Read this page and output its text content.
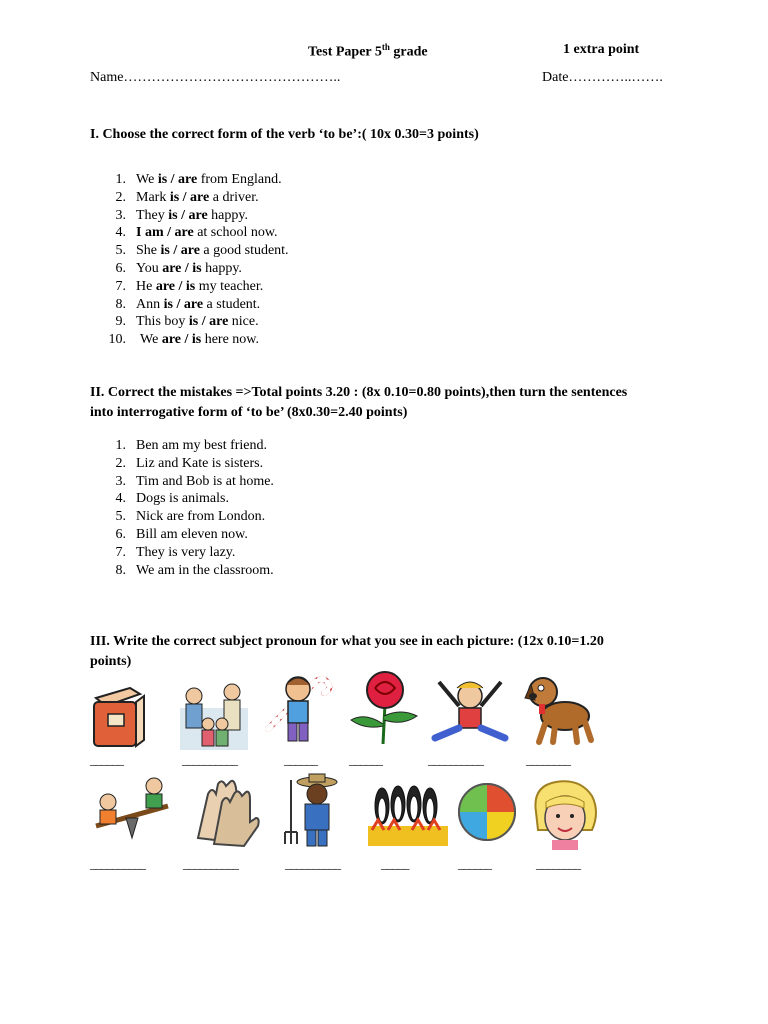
Test Paper 5th grade	1 extra point
Name………………………………………..	Date…………..…….
I. Choose the correct form of the verb ‘to be’:( 10x 0.30=3 points)
1. We is / are from England.
2. Mark is / are a driver.
3. They is / are happy.
4. I am / are at school now.
5. She is / are a good student.
6. You are / is happy.
7. He are / is my teacher.
8. Ann is / are a student.
9. This boy is / are nice.
10. We are / is here now.
II. Correct the mistakes =>Total points 3.20 : (8x 0.10=0.80 points),then turn the sentences
into interrogative form of ‘to be’ (8x0.30=2.40 points)
1. Ben am my best friend.
2. Liz and Kate is sisters.
3. Tim and Bob is at home.
4. Dogs is animals.
5. Nick are from London.
6. Bill am eleven now.
7. They is very lazy.
8. We am in the classroom.
III. Write the correct subject pronoun for what you see in each picture: (12x 0.10=1.20
points)
______	__________	______ ______	__________	________
__________	__________	__________	_____	______	________
